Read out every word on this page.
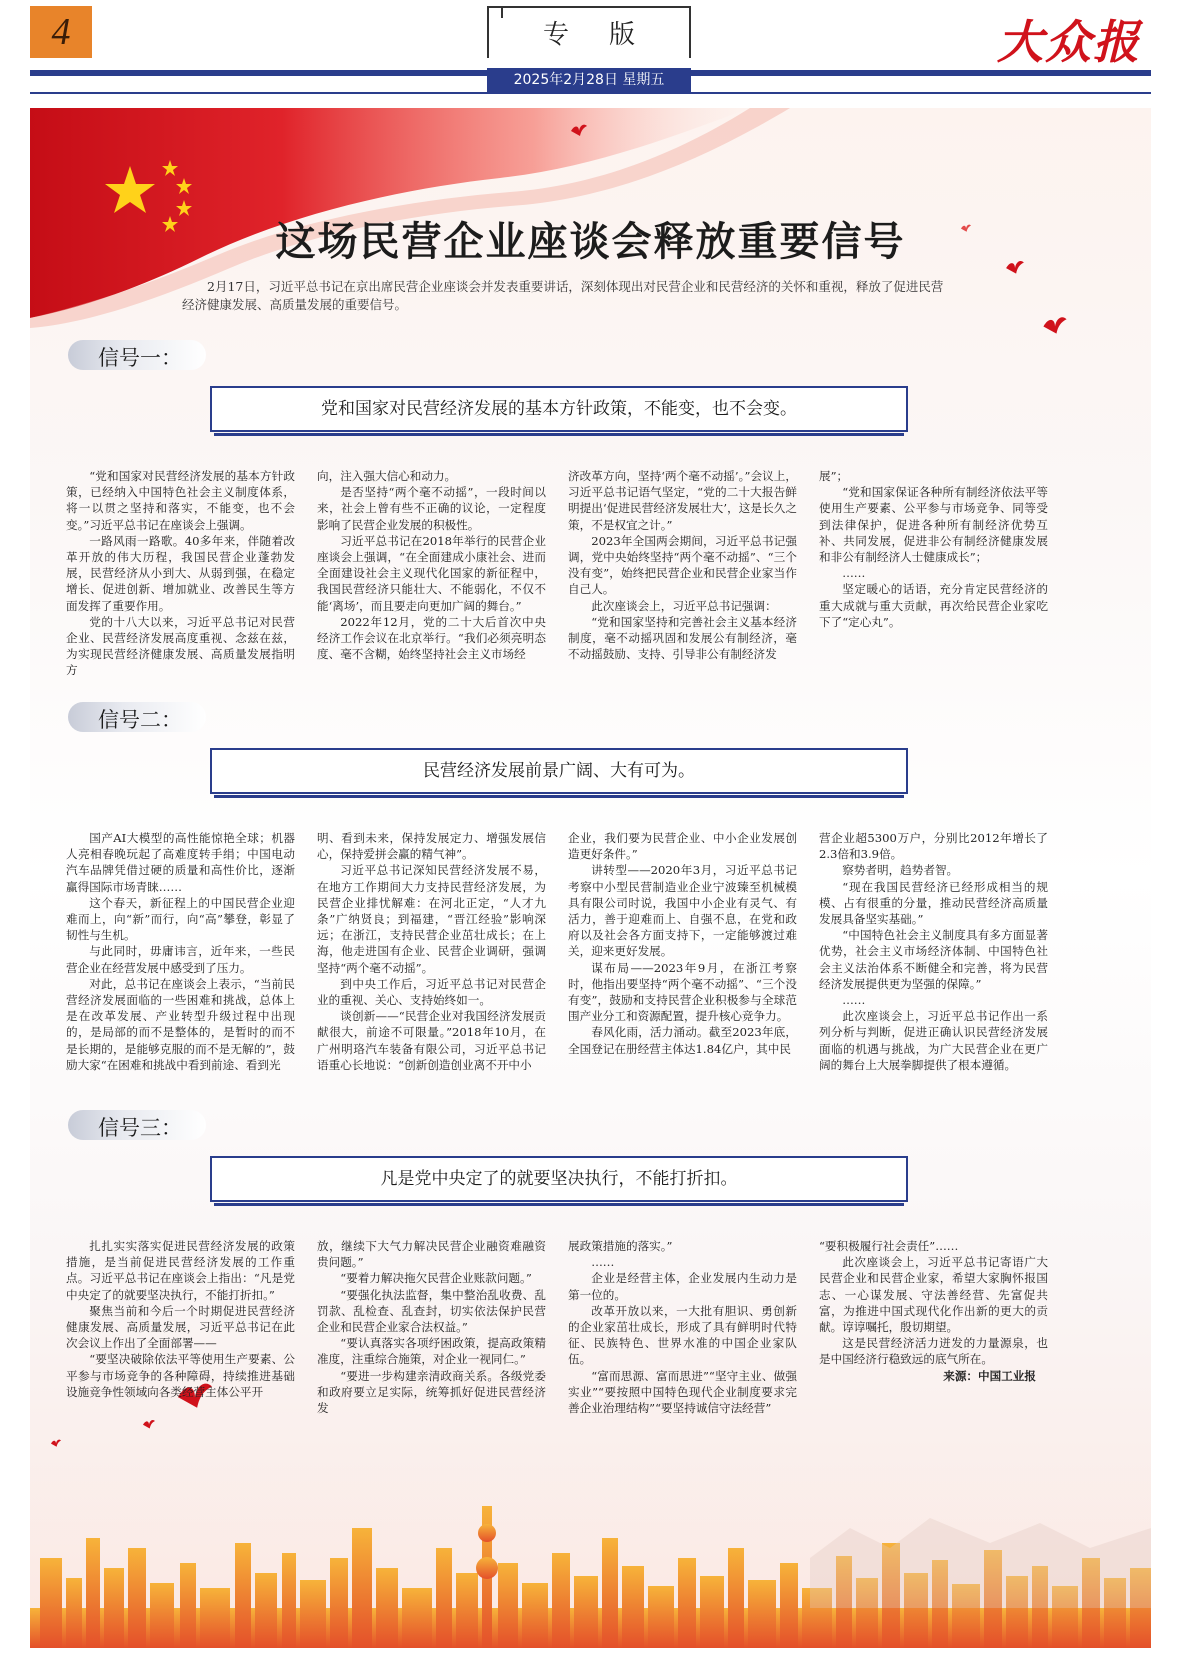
4	专版	大众报
2025年2月28日 星期五
这场民营企业座谈会释放重要信号

2月17日，习近平总书记在京出席民营企业座谈会并发表重要讲话，深刻体现出对民营企业和民营经济的关怀和重视，释放了促进民营经济健康发展、高质量发展的重要信号。

信号一：
党和国家对民营经济发展的基本方针政策，不能变，也不会变。

“党和国家对民营经济发展的基本方针政策，已经纳入中国特色社会主义制度体系，将一以贯之坚持和落实，不能变，也不会变。”习近平总书记在座谈会上强调。

一路风雨一路歌。40多年来，伴随着改革开放的伟大历程，我国民营企业蓬勃发展，民营经济从小到大、从弱到强，在稳定增长、促进创新、增加就业、改善民生等方面发挥了重要作用。

党的十八大以来，习近平总书记对民营企业、民营经济发展高度重视、念兹在兹，为实现民营经济健康发展、高质量发展指明方

向，注入强大信心和动力。

是否坚持“两个毫不动摇”，一段时间以来，社会上曾有些不正确的议论，一定程度影响了民营企业发展的积极性。

习近平总书记在2018年举行的民营企业座谈会上强调，“在全面建成小康社会、进而全面建设社会主义现代化国家的新征程中，我国民营经济只能壮大、不能弱化，不仅不能‘离场’，而且要走向更加广阔的舞台。”

2022年12月，党的二十大后首次中央经济工作会议在北京举行。“我们必须亮明态度、毫不含糊，始终坚持社会主义市场经

济改革方向，坚持‘两个毫不动摇’。”会议上，习近平总书记语气坚定，“党的二十大报告鲜明提出‘促进民营经济发展壮大’，这是长久之策，不是权宜之计。”

2023年全国两会期间，习近平总书记强调，党中央始终坚持“两个毫不动摇”、“三个没有变”，始终把民营企业和民营企业家当作自己人。

此次座谈会上，习近平总书记强调：

“党和国家坚持和完善社会主义基本经济制度，毫不动摇巩固和发展公有制经济，毫不动摇鼓励、支持、引导非公有制经济发

展”；

“党和国家保证各种所有制经济依法平等使用生产要素、公平参与市场竞争、同等受到法律保护，促进各种所有制经济优势互补、共同发展，促进非公有制经济健康发展和非公有制经济人士健康成长”；

……

坚定暖心的话语，充分肯定民营经济的重大成就与重大贡献，再次给民营企业家吃下了“定心丸”。

信号二：
民营经济发展前景广阔、大有可为。

国产AI大模型的高性能惊艳全球；机器人亮相春晚玩起了高难度转手绢；中国电动汽车品牌凭借过硬的质量和高性价比，逐渐赢得国际市场青睐……

这个春天，新征程上的中国民营企业迎难而上，向“新”而行，向“高”攀登，彰显了韧性与生机。

与此同时，毋庸讳言，近年来，一些民营企业在经营发展中感受到了压力。

对此，总书记在座谈会上表示，“当前民营经济发展面临的一些困难和挑战，总体上是在改革发展、产业转型升级过程中出现的，是局部的而不是整体的，是暂时的而不是长期的，是能够克服的而不是无解的”，鼓励大家“在困难和挑战中看到前途、看到光

明、看到未来，保持发展定力、增强发展信心，保持爱拼会赢的精气神”。

习近平总书记深知民营经济发展不易，在地方工作期间大力支持民营经济发展，为民营企业排忧解难：在河北正定，“人才九条”广纳贤良；到福建，“晋江经验”影响深远；在浙江，支持民营企业茁壮成长；在上海，他走进国有企业、民营企业调研，强调坚持“两个毫不动摇”。

到中央工作后，习近平总书记对民营企业的重视、关心、支持始终如一。

谈创新——“民营企业对我国经济发展贡献很大，前途不可限量。”2018年10月，在广州明珞汽车装备有限公司，习近平总书记语重心长地说：“创新创造创业离不开中小

企业，我们要为民营企业、中小企业发展创造更好条件。”

讲转型——2020年3月，习近平总书记考察中小型民营制造业企业宁波臻至机械模具有限公司时说，我国中小企业有灵气、有活力，善于迎难而上、自强不息，在党和政府以及社会各方面支持下，一定能够渡过难关，迎来更好发展。

谋布局——2023年9月，在浙江考察时，他指出要坚持“两个毫不动摇”、“三个没有变”，鼓励和支持民营企业积极参与全球范围产业分工和资源配置，提升核心竞争力。

春风化雨，活力涌动。截至2023年底，全国登记在册经营主体达1.84亿户，其中民

营企业超5300万户，分别比2012年增长了2.3倍和3.9倍。

察势者明，趋势者智。

“现在我国民营经济已经形成相当的规模、占有很重的分量，推动民营经济高质量发展具备坚实基础。”

“中国特色社会主义制度具有多方面显著优势，社会主义市场经济体制、中国特色社会主义法治体系不断健全和完善，将为民营经济发展提供更为坚强的保障。”

……

此次座谈会上，习近平总书记作出一系列分析与判断，促进正确认识民营经济发展面临的机遇与挑战，为广大民营企业在更广阔的舞台上大展拳脚提供了根本遵循。

信号三：
凡是党中央定了的就要坚决执行，不能打折扣。

扎扎实实落实促进民营经济发展的政策措施，是当前促进民营经济发展的工作重点。习近平总书记在座谈会上指出：“凡是党中央定了的就要坚决执行，不能打折扣。”

聚焦当前和今后一个时期促进民营经济健康发展、高质量发展，习近平总书记在此次会议上作出了全面部署——

“要坚决破除依法平等使用生产要素、公平参与市场竞争的各种障碍，持续推进基础设施竞争性领域向各类经营主体公平开

放，继续下大气力解决民营企业融资难融资贵问题。”

“要着力解决拖欠民营企业账款问题。”

“要强化执法监督，集中整治乱收费、乱罚款、乱检查、乱查封，切实依法保护民营企业和民营企业家合法权益。”

“要认真落实各项纾困政策，提高政策精准度，注重综合施策，对企业一视同仁。”

“要进一步构建亲清政商关系。各级党委和政府要立足实际，统筹抓好促进民营经济发

展政策措施的落实。”

……

企业是经营主体，企业发展内生动力是第一位的。

改革开放以来，一大批有胆识、勇创新的企业家茁壮成长，形成了具有鲜明时代特征、民族特色、世界水准的中国企业家队伍。

“富而思源、富而思进”“坚守主业、做强实业”“要按照中国特色现代企业制度要求完善企业治理结构”“要坚持诚信守法经营”

“要积极履行社会责任”……

此次座谈会上，习近平总书记寄语广大民营企业和民营企业家，希望大家胸怀报国志、一心谋发展、守法善经营、先富促共富，为推进中国式现代化作出新的更大的贡献。谆谆嘱托，殷切期望。

这是民营经济活力迸发的力量源泉，也是中国经济行稳致远的底气所在。

来源：中国工业报
